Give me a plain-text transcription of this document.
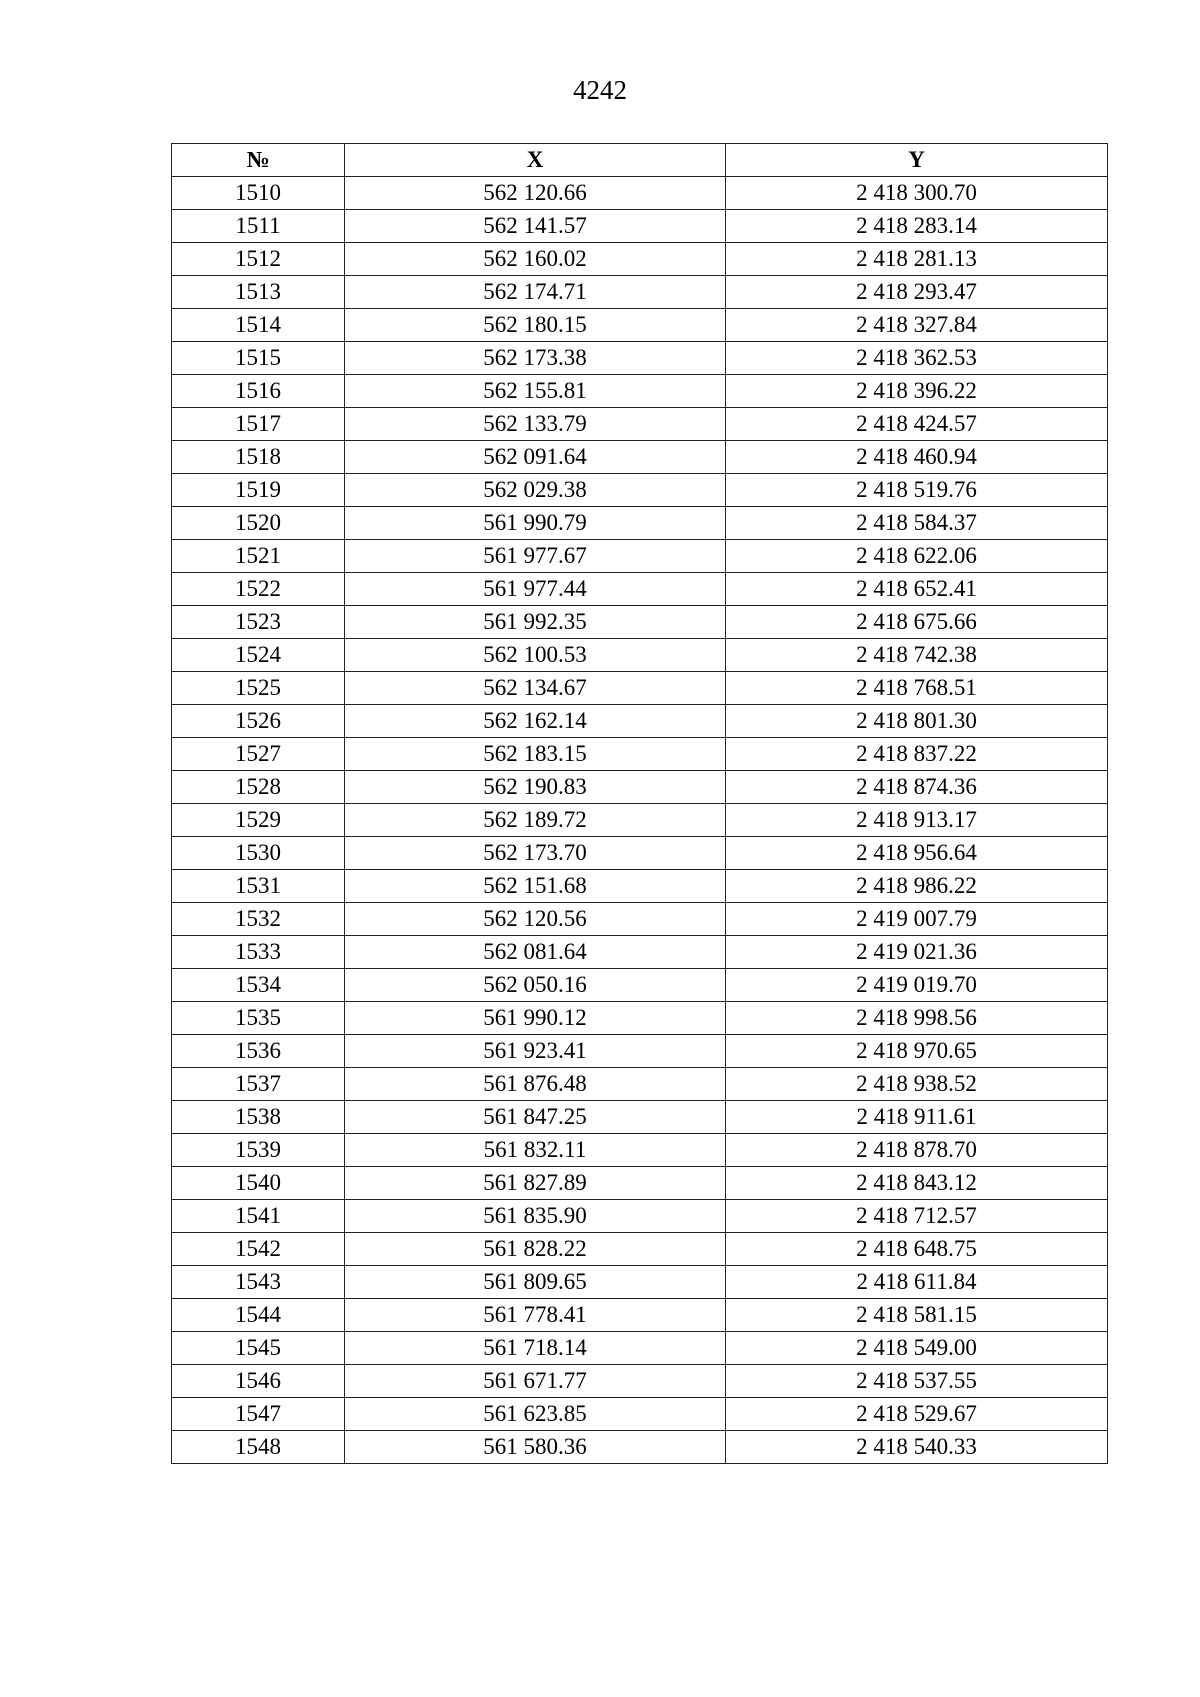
4242
№	X	Y
1510	562 120.66	2 418 300.70
1511	562 141.57	2 418 283.14
1512	562 160.02	2 418 281.13
1513	562 174.71	2 418 293.47
1514	562 180.15	2 418 327.84
1515	562 173.38	2 418 362.53
1516	562 155.81	2 418 396.22
1517	562 133.79	2 418 424.57
1518	562 091.64	2 418 460.94
1519	562 029.38	2 418 519.76
1520	561 990.79	2 418 584.37
1521	561 977.67	2 418 622.06
1522	561 977.44	2 418 652.41
1523	561 992.35	2 418 675.66
1524	562 100.53	2 418 742.38
1525	562 134.67	2 418 768.51
1526	562 162.14	2 418 801.30
1527	562 183.15	2 418 837.22
1528	562 190.83	2 418 874.36
1529	562 189.72	2 418 913.17
1530	562 173.70	2 418 956.64
1531	562 151.68	2 418 986.22
1532	562 120.56	2 419 007.79
1533	562 081.64	2 419 021.36
1534	562 050.16	2 419 019.70
1535	561 990.12	2 418 998.56
1536	561 923.41	2 418 970.65
1537	561 876.48	2 418 938.52
1538	561 847.25	2 418 911.61
1539	561 832.11	2 418 878.70
1540	561 827.89	2 418 843.12
1541	561 835.90	2 418 712.57
1542	561 828.22	2 418 648.75
1543	561 809.65	2 418 611.84
1544	561 778.41	2 418 581.15
1545	561 718.14	2 418 549.00
1546	561 671.77	2 418 537.55
1547	561 623.85	2 418 529.67
1548	561 580.36	2 418 540.33
